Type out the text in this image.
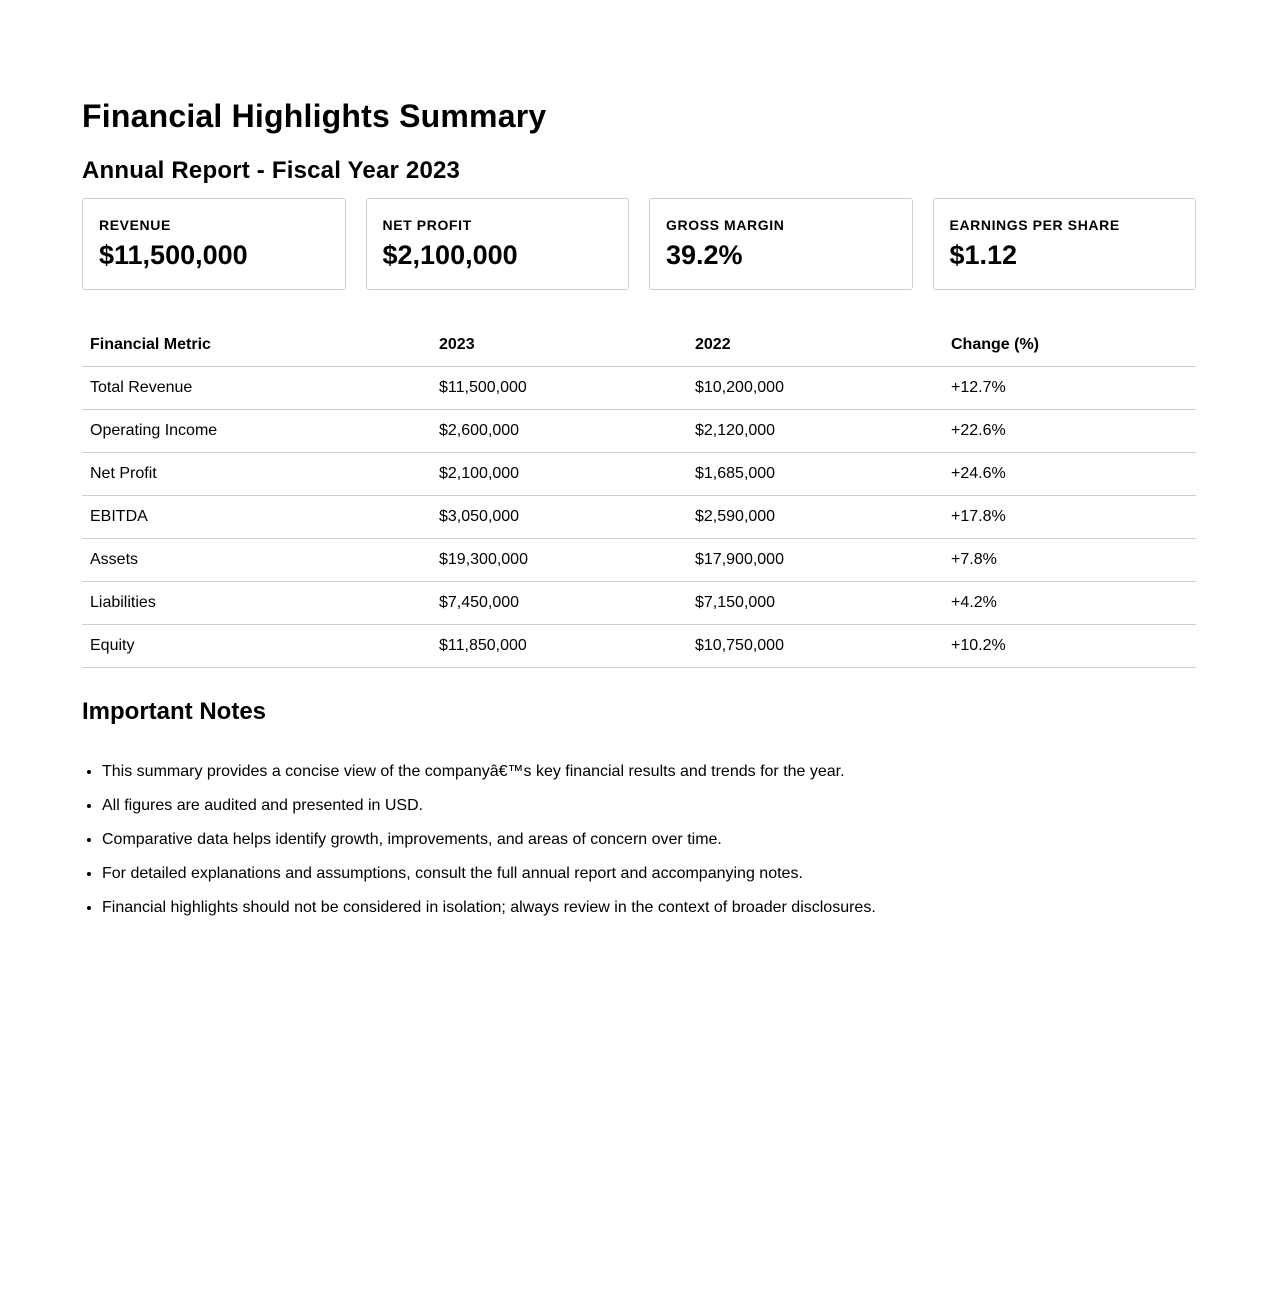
Financial Highlights Summary
Annual Report - Fiscal Year 2023
REVENUE
$11,500,000
NET PROFIT
$2,100,000
GROSS MARGIN
39.2%
EARNINGS PER SHARE
$1.12
Financial Metric	2023	2022	Change (%)
Total Revenue	$11,500,000	$10,200,000	+12.7%
Operating Income	$2,600,000	$2,120,000	+22.6%
Net Profit	$2,100,000	$1,685,000	+24.6%
EBITDA	$3,050,000	$2,590,000	+17.8%
Assets	$19,300,000	$17,900,000	+7.8%
Liabilities	$7,450,000	$7,150,000	+4.2%
Equity	$11,850,000	$10,750,000	+10.2%
Important Notes
• This summary provides a concise view of the companyâ€™s key financial results and trends for the year.
• All figures are audited and presented in USD.
• Comparative data helps identify growth, improvements, and areas of concern over time.
• For detailed explanations and assumptions, consult the full annual report and accompanying notes.
• Financial highlights should not be considered in isolation; always review in the context of broader disclosures.
